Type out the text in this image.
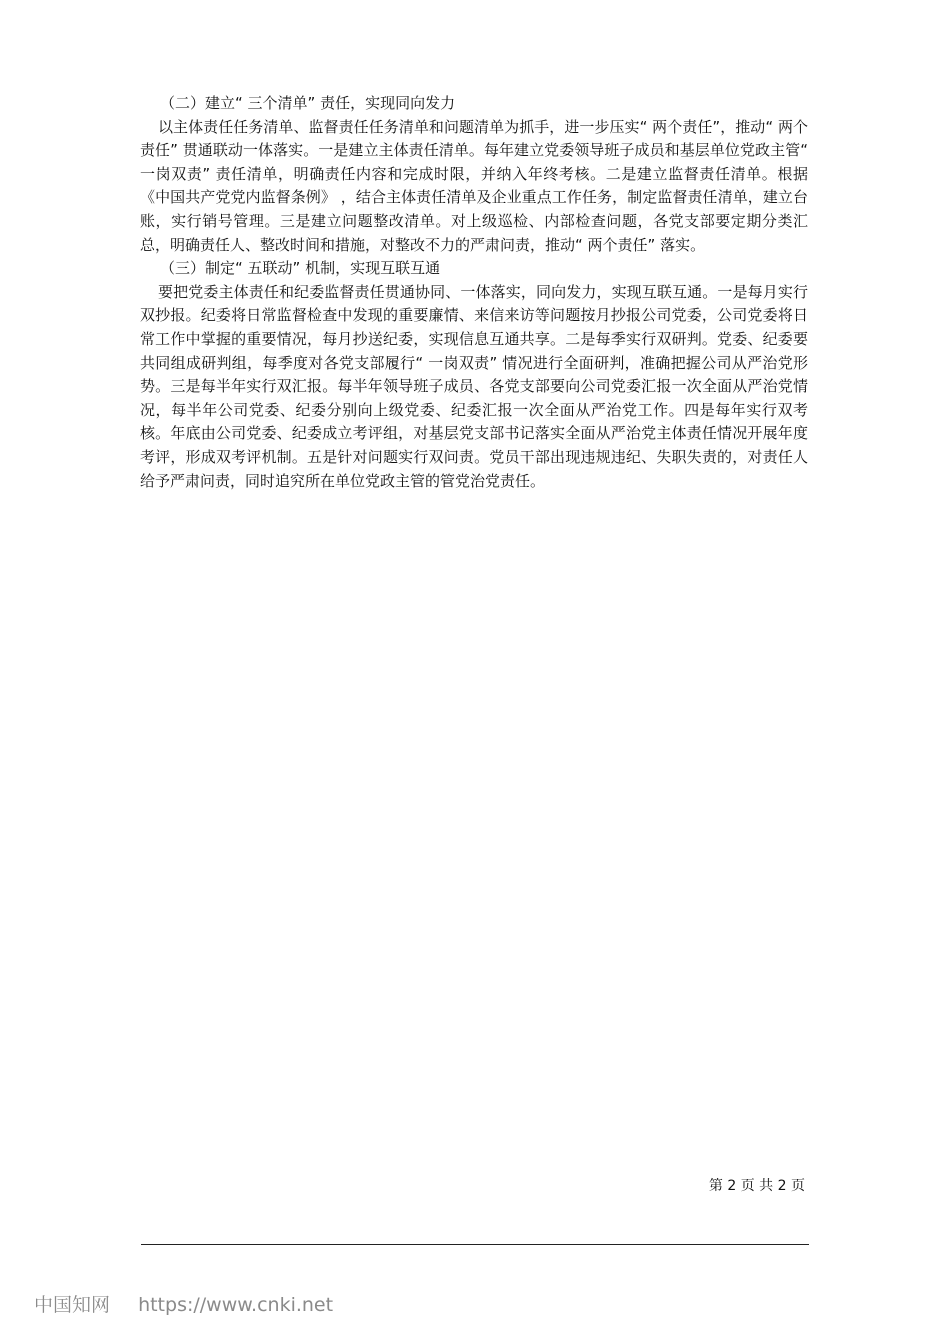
（二）建立“ 三个清单” 责任，实现同向发力

以主体责任任务清单、监督责任任务清单和问题清单为抓手，进一步压实“ 两个责任”，推动“ 两个责任” 贯通联动一体落实。一是建立主体责任清单。每年建立党委领导班子成员和基层单位党政主管“ 一岗双责” 责任清单，明确责任内容和完成时限，并纳入年终考核。二是建立监督责任清单。根据《中国共产党党内监督条例》 ，结合主体责任清单及企业重点工作任务，制定监督责任清单，建立台账，实行销号管理。三是建立问题整改清单。对上级巡检、内部检查问题，各党支部要定期分类汇总，明确责任人、整改时间和措施，对整改不力的严肃问责，推动“ 两个责任” 落实。

（三）制定“ 五联动” 机制，实现互联互通

要把党委主体责任和纪委监督责任贯通协同、一体落实，同向发力，实现互联互通。一是每月实行双抄报。纪委将日常监督检查中发现的重要廉情、来信来访等问题按月抄报公司党委，公司党委将日常工作中掌握的重要情况，每月抄送纪委，实现信息互通共享。二是每季实行双研判。党委、纪委要共同组成研判组，每季度对各党支部履行“ 一岗双责” 情况进行全面研判，准确把握公司从严治党形势。三是每半年实行双汇报。每半年领导班子成员、各党支部要向公司党委汇报一次全面从严治党情况，每半年公司党委、纪委分别向上级党委、纪委汇报一次全面从严治党工作。四是每年实行双考核。年底由公司党委、纪委成立考评组，对基层党支部书记落实全面从严治党主体责任情况开展年度考评，形成双考评机制。五是针对问题实行双问责。党员干部出现违规违纪、失职失责的，对责任人给予严肃问责，同时追究所在单位党政主管的管党治党责任。

第 2 页 共 2 页
中国知网 https://www.cnki.net
